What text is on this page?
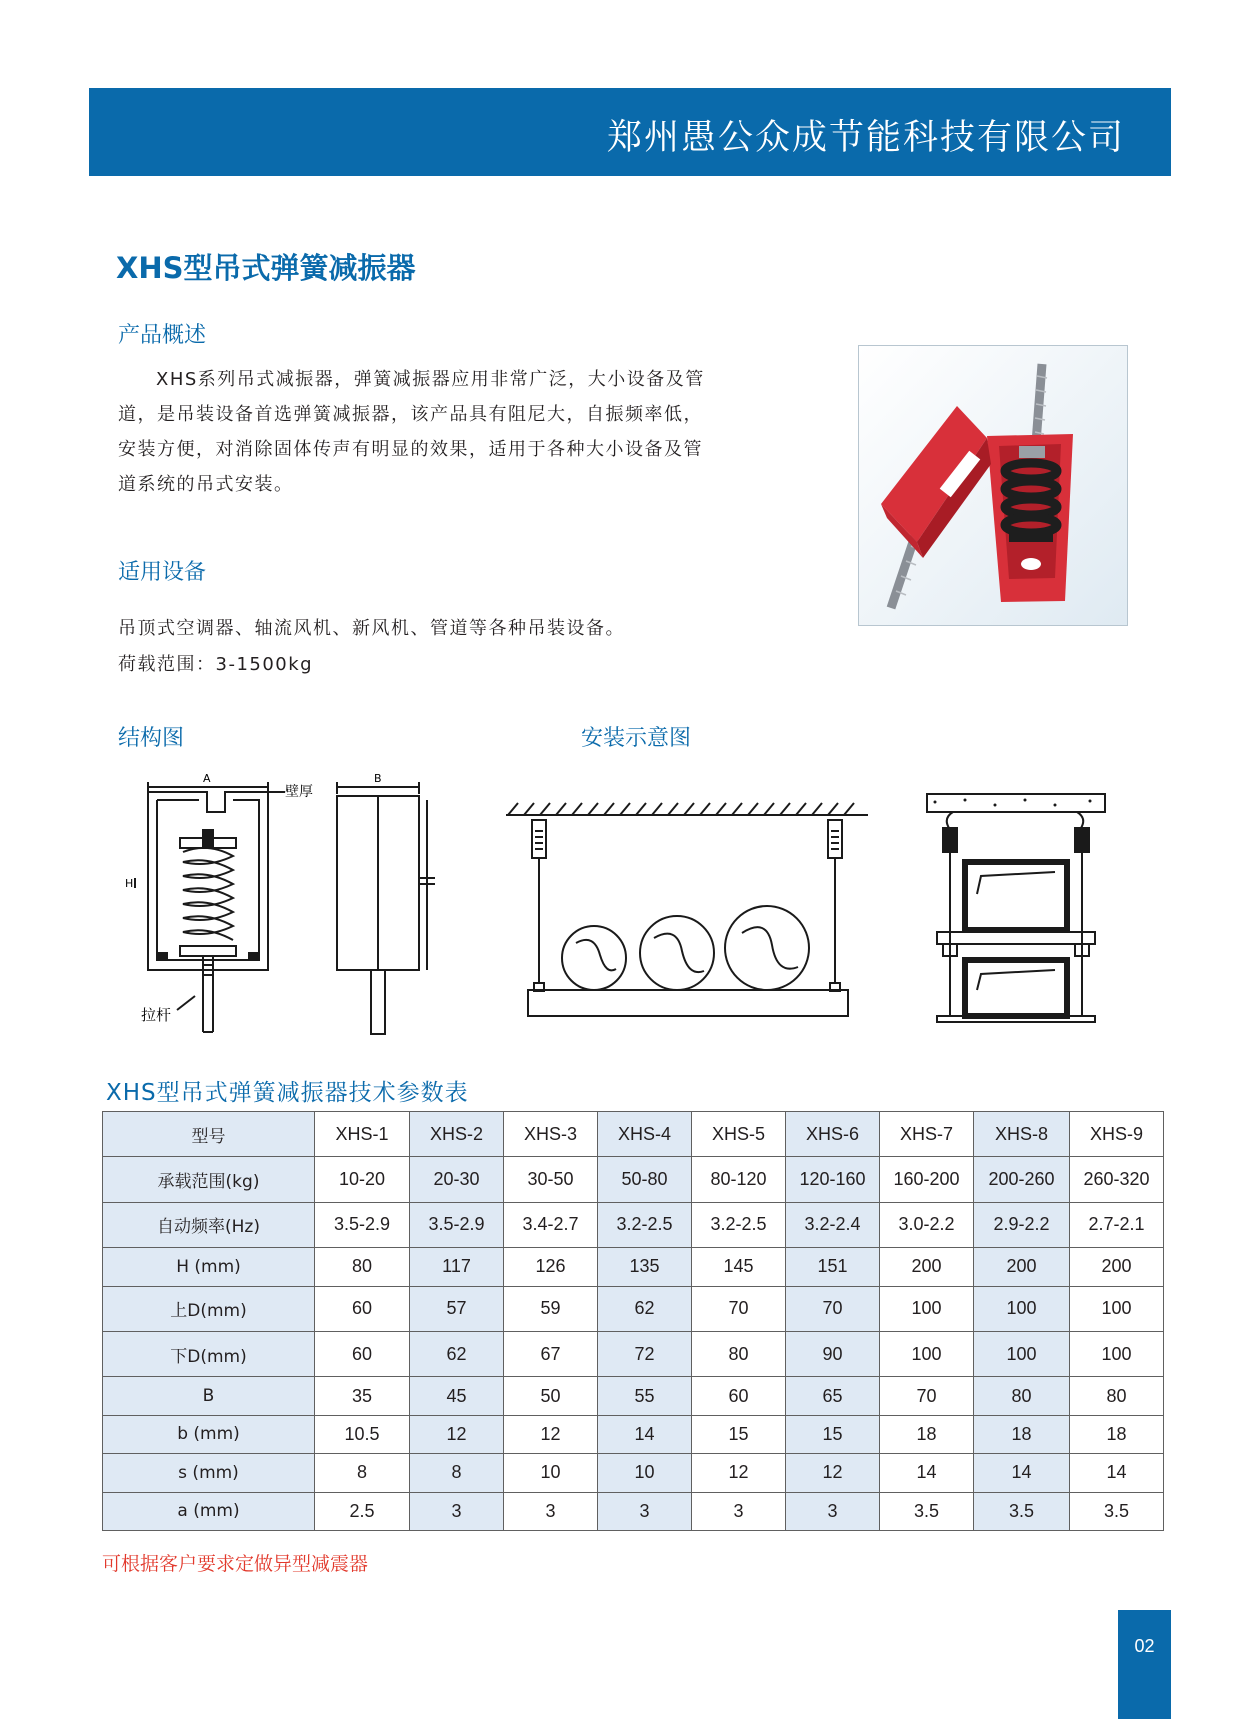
郑州愚公众成节能科技有限公司
XHS型吊式弹簧减振器
产品概述
XHS系列吊式减振器，弹簧减振器应用非常广泛，大小设备及管
道，是吊装设备首选弹簧减振器，该产品具有阻尼大，自振频率低，
安装方便，对消除固体传声有明显的效果，适用于各种大小设备及管
道系统的吊式安装。
适用设备
吊顶式空调器、轴流风机、新风机、管道等各种吊装设备。
荷载范围：3-1500kg
结构图	安装示意图
A
壁厚
H
拉杆
B
XHS型吊式弹簧减振器技术参数表
型号	XHS-1	XHS-2	XHS-3	XHS-4	XHS-5	XHS-6	XHS-7	XHS-8	XHS-9
承载范围(kg)	10-20	20-30	30-50	50-80	80-120	120-160	160-200	200-260	260-320
自动频率(Hz)	3.5-2.9	3.5-2.9	3.4-2.7	3.2-2.5	3.2-2.5	3.2-2.4	3.0-2.2	2.9-2.2	2.7-2.1
H (mm)	80	117	126	135	145	151	200	200	200
上D(mm)	60	57	59	62	70	70	100	100	100
下D(mm)	60	62	67	72	80	90	100	100	100
B	35	45	50	55	60	65	70	80	80
b (mm)	10.5	12	12	14	15	15	18	18	18
s (mm)	8	8	10	10	12	12	14	14	14
a (mm)	2.5	3	3	3	3	3	3.5	3.5	3.5
可根据客户要求定做异型减震器
02
